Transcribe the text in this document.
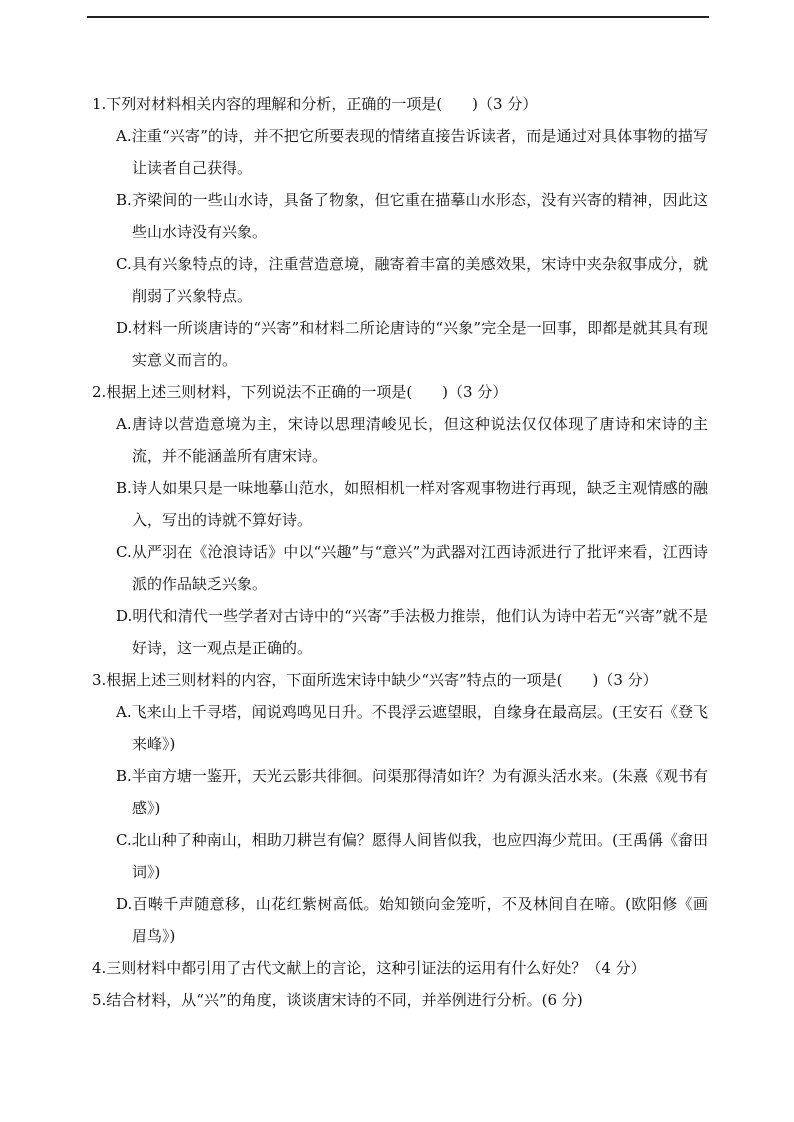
1.下列对材料相关内容的理解和分析，正确的一项是(　　)（3 分）
A.注重“兴寄”的诗，并不把它所要表现的情绪直接告诉读者，而是通过对具体事物的描写让读者自己获得。
B.齐梁间的一些山水诗，具备了物象，但它重在描摹山水形态，没有兴寄的精神，因此这些山水诗没有兴象。
C.具有兴象特点的诗，注重营造意境，融寄着丰富的美感效果，宋诗中夹杂叙事成分，就削弱了兴象特点。
D.材料一所谈唐诗的“兴寄”和材料二所论唐诗的“兴象”完全是一回事，即都是就其具有现实意义而言的。
2.根据上述三则材料，下列说法不正确的一项是(　　)（3 分）
A.唐诗以营造意境为主，宋诗以思理清峻见长，但这种说法仅仅体现了唐诗和宋诗的主流，并不能涵盖所有唐宋诗。
B.诗人如果只是一味地摹山范水，如照相机一样对客观事物进行再现，缺乏主观情感的融入，写出的诗就不算好诗。
C.从严羽在《沧浪诗话》中以“兴趣”与“意兴”为武器对江西诗派进行了批评来看，江西诗派的作品缺乏兴象。
D.明代和清代一些学者对古诗中的“兴寄”手法极力推崇，他们认为诗中若无“兴寄”就不是好诗，这一观点是正确的。
3.根据上述三则材料的内容，下面所选宋诗中缺少“兴寄”特点的一项是(　　)（3 分）
A.飞来山上千寻塔，闻说鸡鸣见日升。不畏浮云遮望眼，自缘身在最高层。(王安石《登飞来峰》)
B.半亩方塘一鉴开，天光云影共徘徊。问渠那得清如许？为有源头活水来。(朱熹《观书有感》)
C.北山种了种南山，相助刀耕岂有偏？愿得人间皆似我，也应四海少荒田。(王禹偁《畲田词》)
D.百啭千声随意移，山花红紫树高低。始知锁向金笼听，不及林间自在啼。(欧阳修《画眉鸟》)
4.三则材料中都引用了古代文献上的言论，这种引证法的运用有什么好处？（4 分）
5.结合材料，从“兴”的角度，谈谈唐宋诗的不同，并举例进行分析。(6 分)
